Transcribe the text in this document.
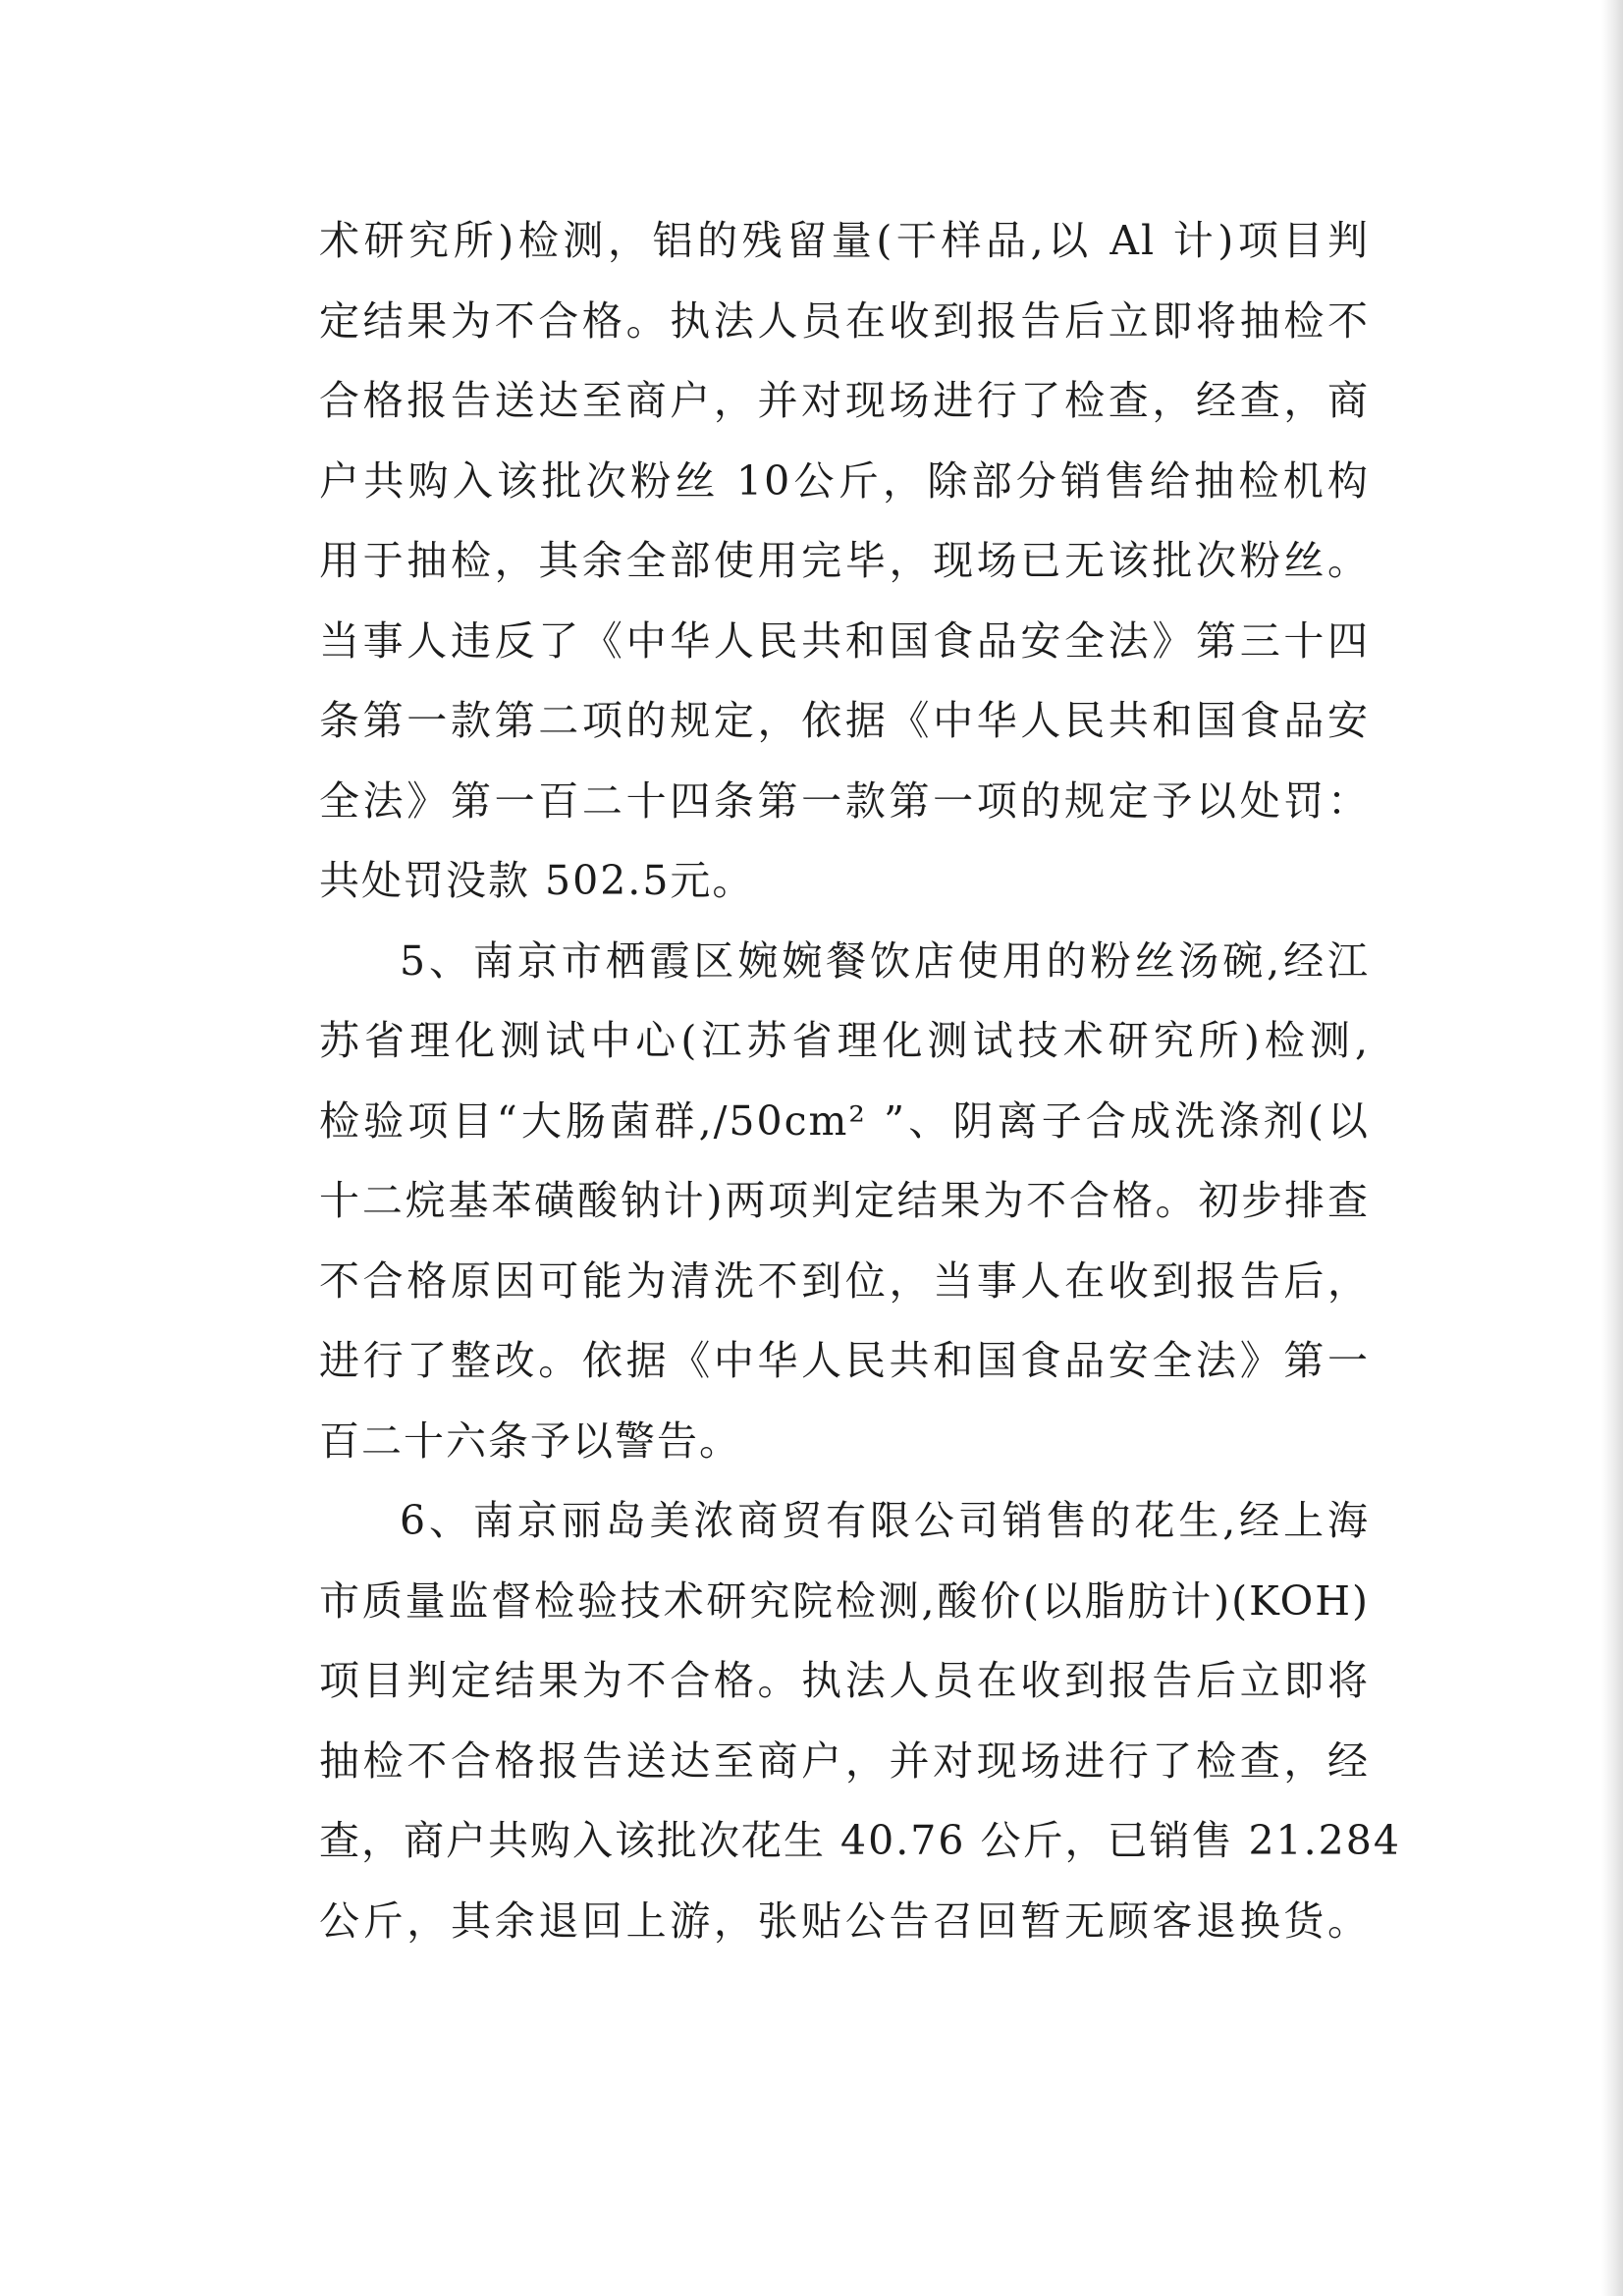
术研究所)检测，铝的残留量(干样品,以 Al 计)项目判
定结果为不合格。执法人员在收到报告后立即将抽检不
合格报告送达至商户，并对现场进行了检查，经查，商
户共购入该批次粉丝 10公斤，除部分销售给抽检机构
用于抽检，其余全部使用完毕，现场已无该批次粉丝。
当事人违反了《中华人民共和国食品安全法》第三十四
条第一款第二项的规定，依据《中华人民共和国食品安
全法》第一百二十四条第一款第一项的规定予以处罚：
共处罚没款 502.5元。
5、南京市栖霞区婉婉餐饮店使用的粉丝汤碗,经江
苏省理化测试中心(江苏省理化测试技术研究所)检测,
检验项目“大肠菌群,/50cm² ”、阴离子合成洗涤剂(以
十二烷基苯磺酸钠计)两项判定结果为不合格。初步排查
不合格原因可能为清洗不到位，当事人在收到报告后，
进行了整改。依据《中华人民共和国食品安全法》第一
百二十六条予以警告。
6、南京丽岛美浓商贸有限公司销售的花生,经上海
市质量监督检验技术研究院检测,酸价(以脂肪计)(KOH)
项目判定结果为不合格。执法人员在收到报告后立即将
抽检不合格报告送达至商户，并对现场进行了检查，经
查，商户共购入该批次花生 40.76 公斤，已销售 21.284
公斤，其余退回上游，张贴公告召回暂无顾客退换货。
